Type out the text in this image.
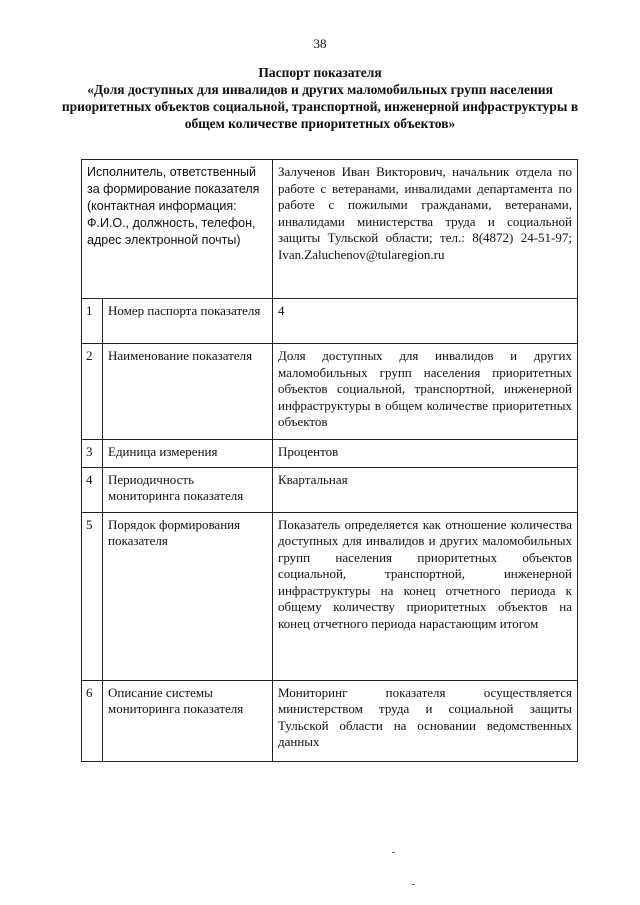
38
Паспорт показателя
«Доля доступных для инвалидов и других маломобильных групп населения приоритетных объектов социальной, транспортной, инженерной инфраструктуры в общем количестве приоритетных объектов»
Исполнитель, ответственный за формирование показателя (контактная информация: Ф.И.О., должность, телефон, адрес электронной почты)		Залученов Иван Викторович, начальник отдела по работе с ветеранами, инвалидами департамента по работе с пожилыми гражданами, ветеранами, инвалидами министерства труда и социальной защиты Тульской области; тел.: 8(4872) 24-51-97; Ivan.Zaluchenov@tularegion.ru
1	Номер паспорта показателя	4
2	Наименование показателя	Доля доступных для инвалидов и других маломобильных групп населения приоритетных объектов социальной, транспортной, инженерной инфраструктуры в общем количестве приоритетных объектов
3	Единица измерения	Процентов
4	Периодичность мониторинга показателя	Квартальная
5	Порядок формирования показателя	Показатель определяется как отношение количества доступных для инвалидов и других маломобильных групп населения приоритетных объектов социальной, транспортной, инженерной инфраструктуры на конец отчетного периода к общему количеству приоритетных объектов на конец отчетного периода нарастающим итогом
6	Описание системы мониторинга показателя	Мониторинг показателя осуществляется министерством труда и социальной защиты Тульской области на основании ведомственных данных
